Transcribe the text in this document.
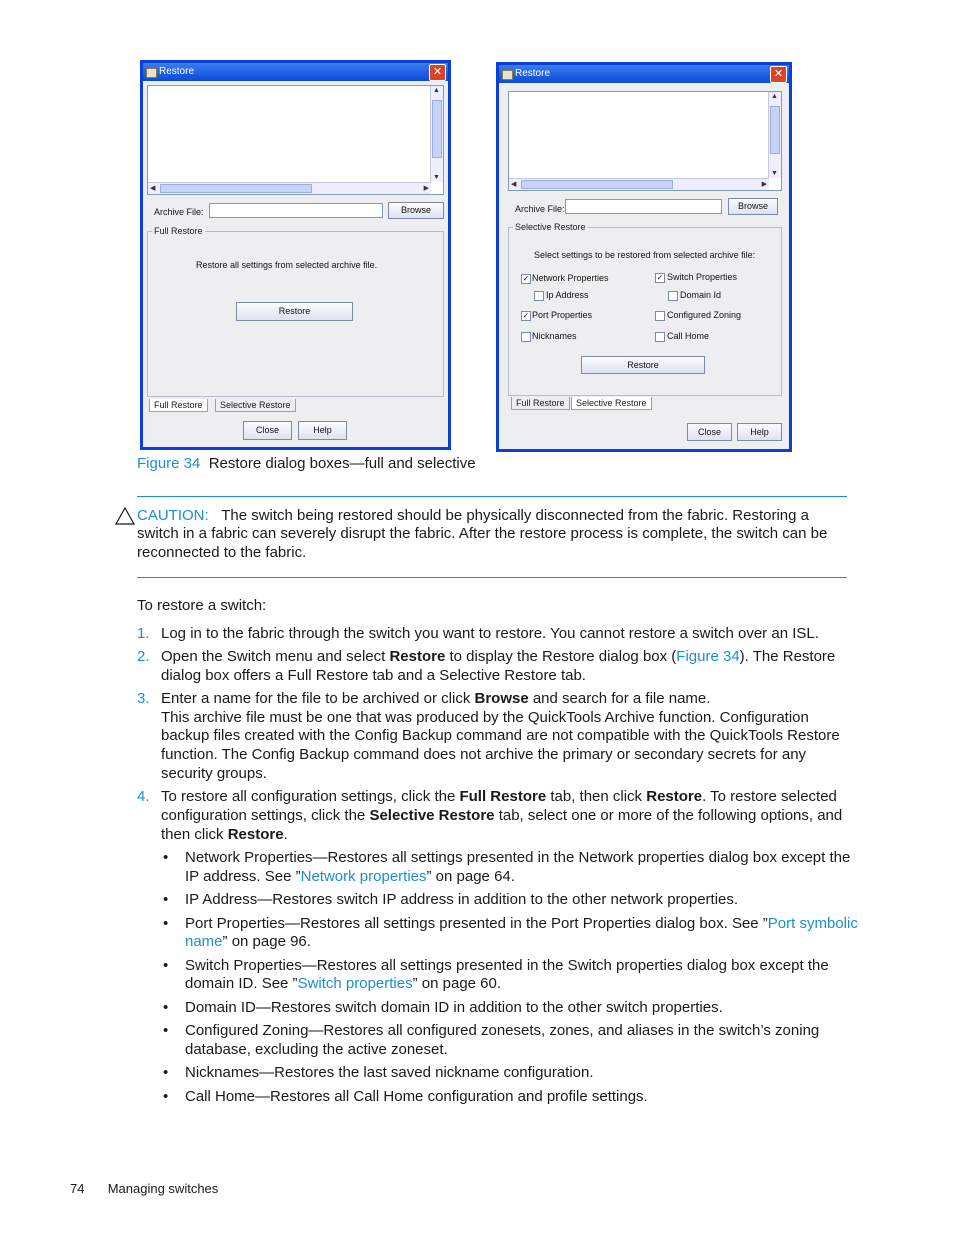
Restore	✕
▲
▼
◀	▶
Archive File:	Browse
Full Restore
Restore all settings from selected archive file.
Restore
Full Restore	Selective Restore
Close	Help
Restore	✕
▲
▼
◀	▶
Archive File:	Browse
Selective Restore
Select settings to be restored from selected archive file:
✓ Network Properties	✓ Switch Properties
Ip Address	Domain Id
✓ Port Properties	Configured Zoning
Nicknames	Call Home
Restore
Full Restore	Selective Restore
Close	Help
Figure 34 Restore dialog boxes—full and selective
CAUTION: The switch being restored should be physically disconnected from the fabric. Restoring a
switch in a fabric can severely disrupt the fabric. After the restore process is complete, the switch can be
reconnected to the fabric.
To restore a switch:
1. Log in to the fabric through the switch you want to restore. You cannot restore a switch over an ISL.
2. Open the Switch menu and select Restore to display the Restore dialog box (Figure 34). The Restore
dialog box offers a Full Restore tab and a Selective Restore tab.
3. Enter a name for the file to be archived or click Browse and search for a file name.
This archive file must be one that was produced by the QuickTools Archive function. Configuration
backup files created with the Config Backup command are not compatible with the QuickTools Restore
function. The Config Backup command does not archive the primary or secondary secrets for any
security groups.
4. To restore all configuration settings, click the Full Restore tab, then click Restore. To restore selected
configuration settings, click the Selective Restore tab, select one or more of the following options, and
then click Restore.
• Network Properties—Restores all settings presented in the Network properties dialog box except the
IP address. See ”Network properties” on page 64.
• IP Address—Restores switch IP address in addition to the other network properties.
• Port Properties—Restores all settings presented in the Port Properties dialog box. See ”Port symbolic
name” on page 96.
• Switch Properties—Restores all settings presented in the Switch properties dialog box except the
domain ID. See ”Switch properties” on page 60.
• Domain ID—Restores switch domain ID in addition to the other switch properties.
• Configured Zoning—Restores all configured zonesets, zones, and aliases in the switch’s zoning
database, excluding the active zoneset.
• Nicknames—Restores the last saved nickname configuration.
• Call Home—Restores all Call Home configuration and profile settings.
74 Managing switches
